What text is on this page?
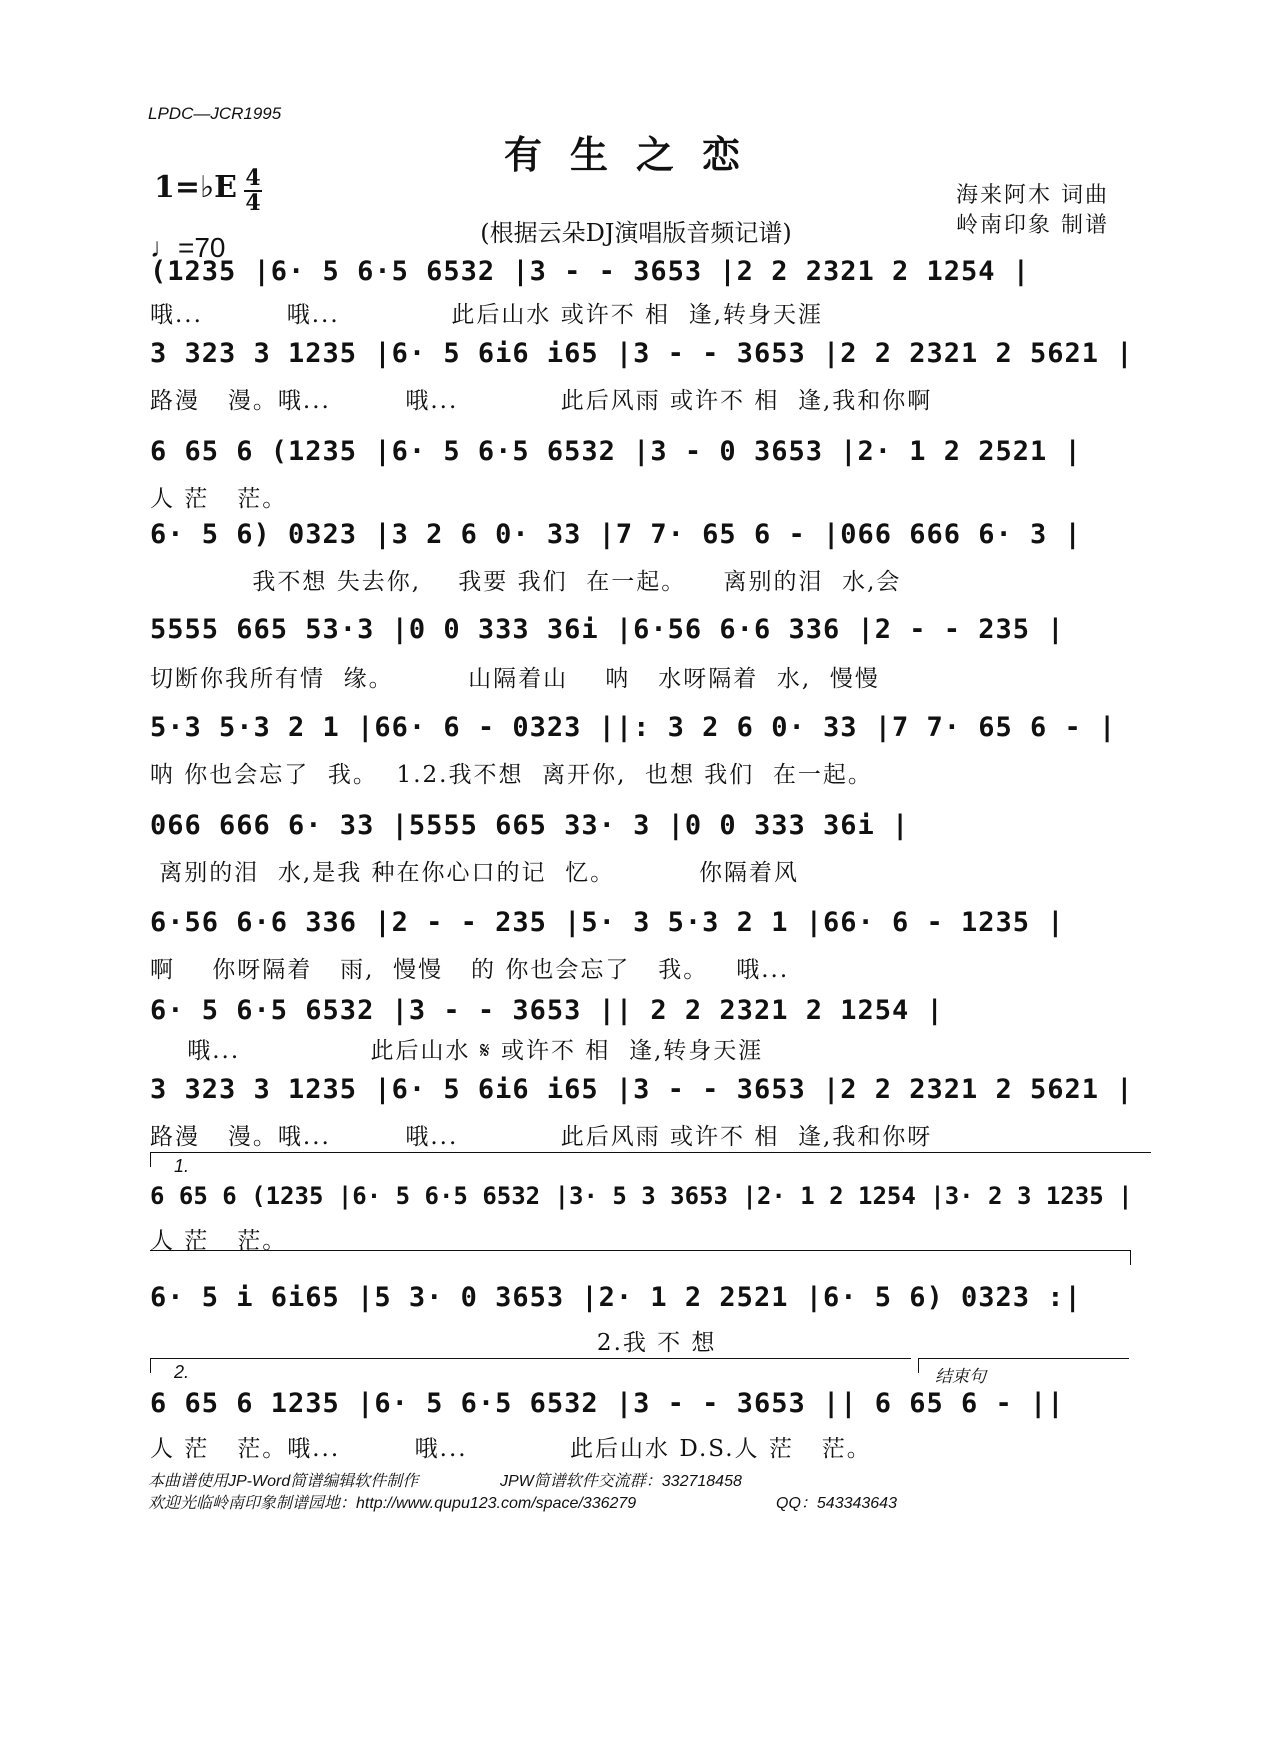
LPDC—JCR1995
有生之恋
1=♭E 4
4
♩=70	(根据云朵DJ演唱版音频记谱)
海来阿木 词曲
岭南印象 制谱
(1235 |6· 5 6·5 6532 |3 - - 3653 |2 2 2321 2 1254 |
哦...         哦...            此后山水 或许不 相  逢,转身天涯
3 323 3 1235 |6· 5 6i6 i65 |3 - - 3653 |2 2 2321 2 5621 |
路漫   漫。哦...        哦...           此后风雨 或许不 相  逢,我和你啊
6 65 6 (1235 |6· 5 6·5 6532 |3 - 0 3653 |2· 1 2 2521 |
人 茫   茫。
6· 5 6) 0323 |3 2 6 0· 33 |7 7· 65 6 - |066 666 6· 3 |
我不想 失去你,    我要 我们  在一起。    离别的泪  水,会
5555 665 53·3 |0 0 333 36i |6·56 6·6 336 |2 - - 235 |
切断你我所有情  缘。        山隔着山    呐   水呀隔着  水,  慢慢
5·3 5·3 2 1 |66· 6 - 0323 ||: 3 2 6 0· 33 |7 7· 65 6 - |
呐 你也会忘了  我。  1.2.我不想  离开你,  也想 我们  在一起。
066 666 6· 33 |5555 665 33· 3 |0 0 333 36i |
离别的泪  水,是我 种在你心口的记  忆。         你隔着风
6·56 6·6 336 |2 - - 235 |5· 3 5·3 2 1 |66· 6 - 1235 |
啊    你呀隔着   雨,  慢慢   的 你也会忘了   我。   哦...
6· 5 6·5 6532 |3 - - 3653 || 2 2 2321 2 1254 |
哦...              此后山水 𝄋 或许不 相  逢,转身天涯
3 323 3 1235 |6· 5 6i6 i65 |3 - - 3653 |2 2 2321 2 5621 |
路漫   漫。哦...        哦...           此后风雨 或许不 相  逢,我和你呀
1.
6 65 6 (1235 |6· 5 6·5 6532 |3· 5 3 3653 |2· 1 2 1254 |3· 2 3 1235 |
人 茫   茫。
6· 5 i 6i65 |5 3· 0 3653 |2· 1 2 2521 |6· 5 6) 0323 :|
2.我 不 想
2.	结束句
6 65 6 1235 |6· 5 6·5 6532 |3 - - 3653 || 6 65 6 - ||
人 茫   茫。哦...        哦...           此后山水 D.S.人 茫   茫。
本曲谱使用JP-Word简谱编辑软件制作	JPW简谱软件交流群：332718458
欢迎光临岭南印象制谱园地：http://www.qupu123.com/space/336279	QQ：543343643
